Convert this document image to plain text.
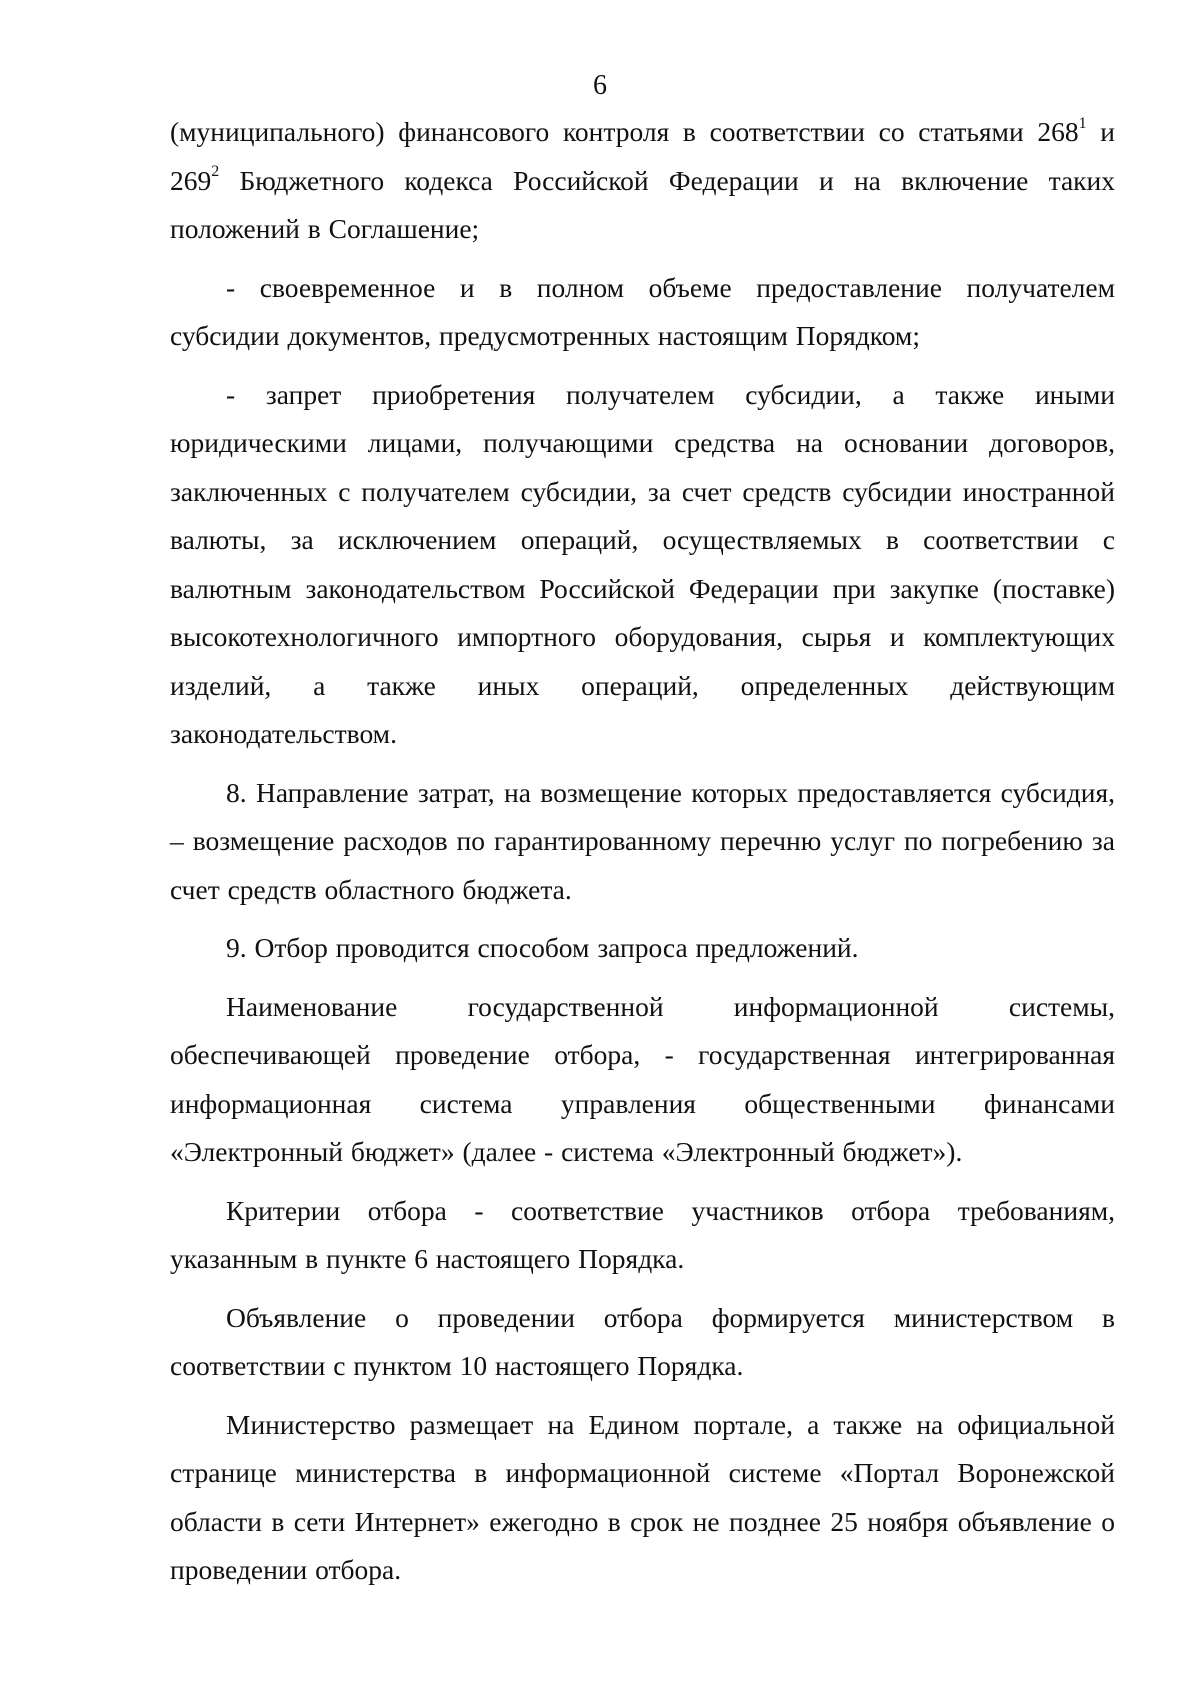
6

(муниципального) финансового контроля в соответствии со статьями $268^1$ и $269^2$ Бюджетного кодекса Российской Федерации и на включение таких положений в Соглашение;

- своевременное и в полном объеме предоставление получателем субсидии документов, предусмотренных настоящим Порядком;

- запрет приобретения получателем субсидии, а также иными юридическими лицами, получающими средства на основании договоров, заключенных с получателем субсидии, за счет средств субсидии иностранной валюты, за исключением операций, осуществляемых в соответствии с валютным законодательством Российской Федерации при закупке (поставке) высокотехнологичного импортного оборудования, сырья и комплектующих изделий, а также иных операций, определенных действующим законодательством.

8. Направление затрат, на возмещение которых предоставляется субсидия, – возмещение расходов по гарантированному перечню услуг по погребению за счет средств областного бюджета.

9. Отбор проводится способом запроса предложений.

Наименование государственной информационной системы, обеспечивающей проведение отбора, - государственная интегрированная информационная система управления общественными финансами «Электронный бюджет» (далее - система «Электронный бюджет»).

Критерии отбора - соответствие участников отбора требованиям, указанным в пункте 6 настоящего Порядка.

Объявление о проведении отбора формируется министерством в соответствии с пунктом 10 настоящего Порядка.

Министерство размещает на Едином портале, а также на официальной странице министерства в информационной системе «Портал Воронежской области в сети Интернет» ежегодно в срок не позднее 25 ноября объявление о проведении отбора.
